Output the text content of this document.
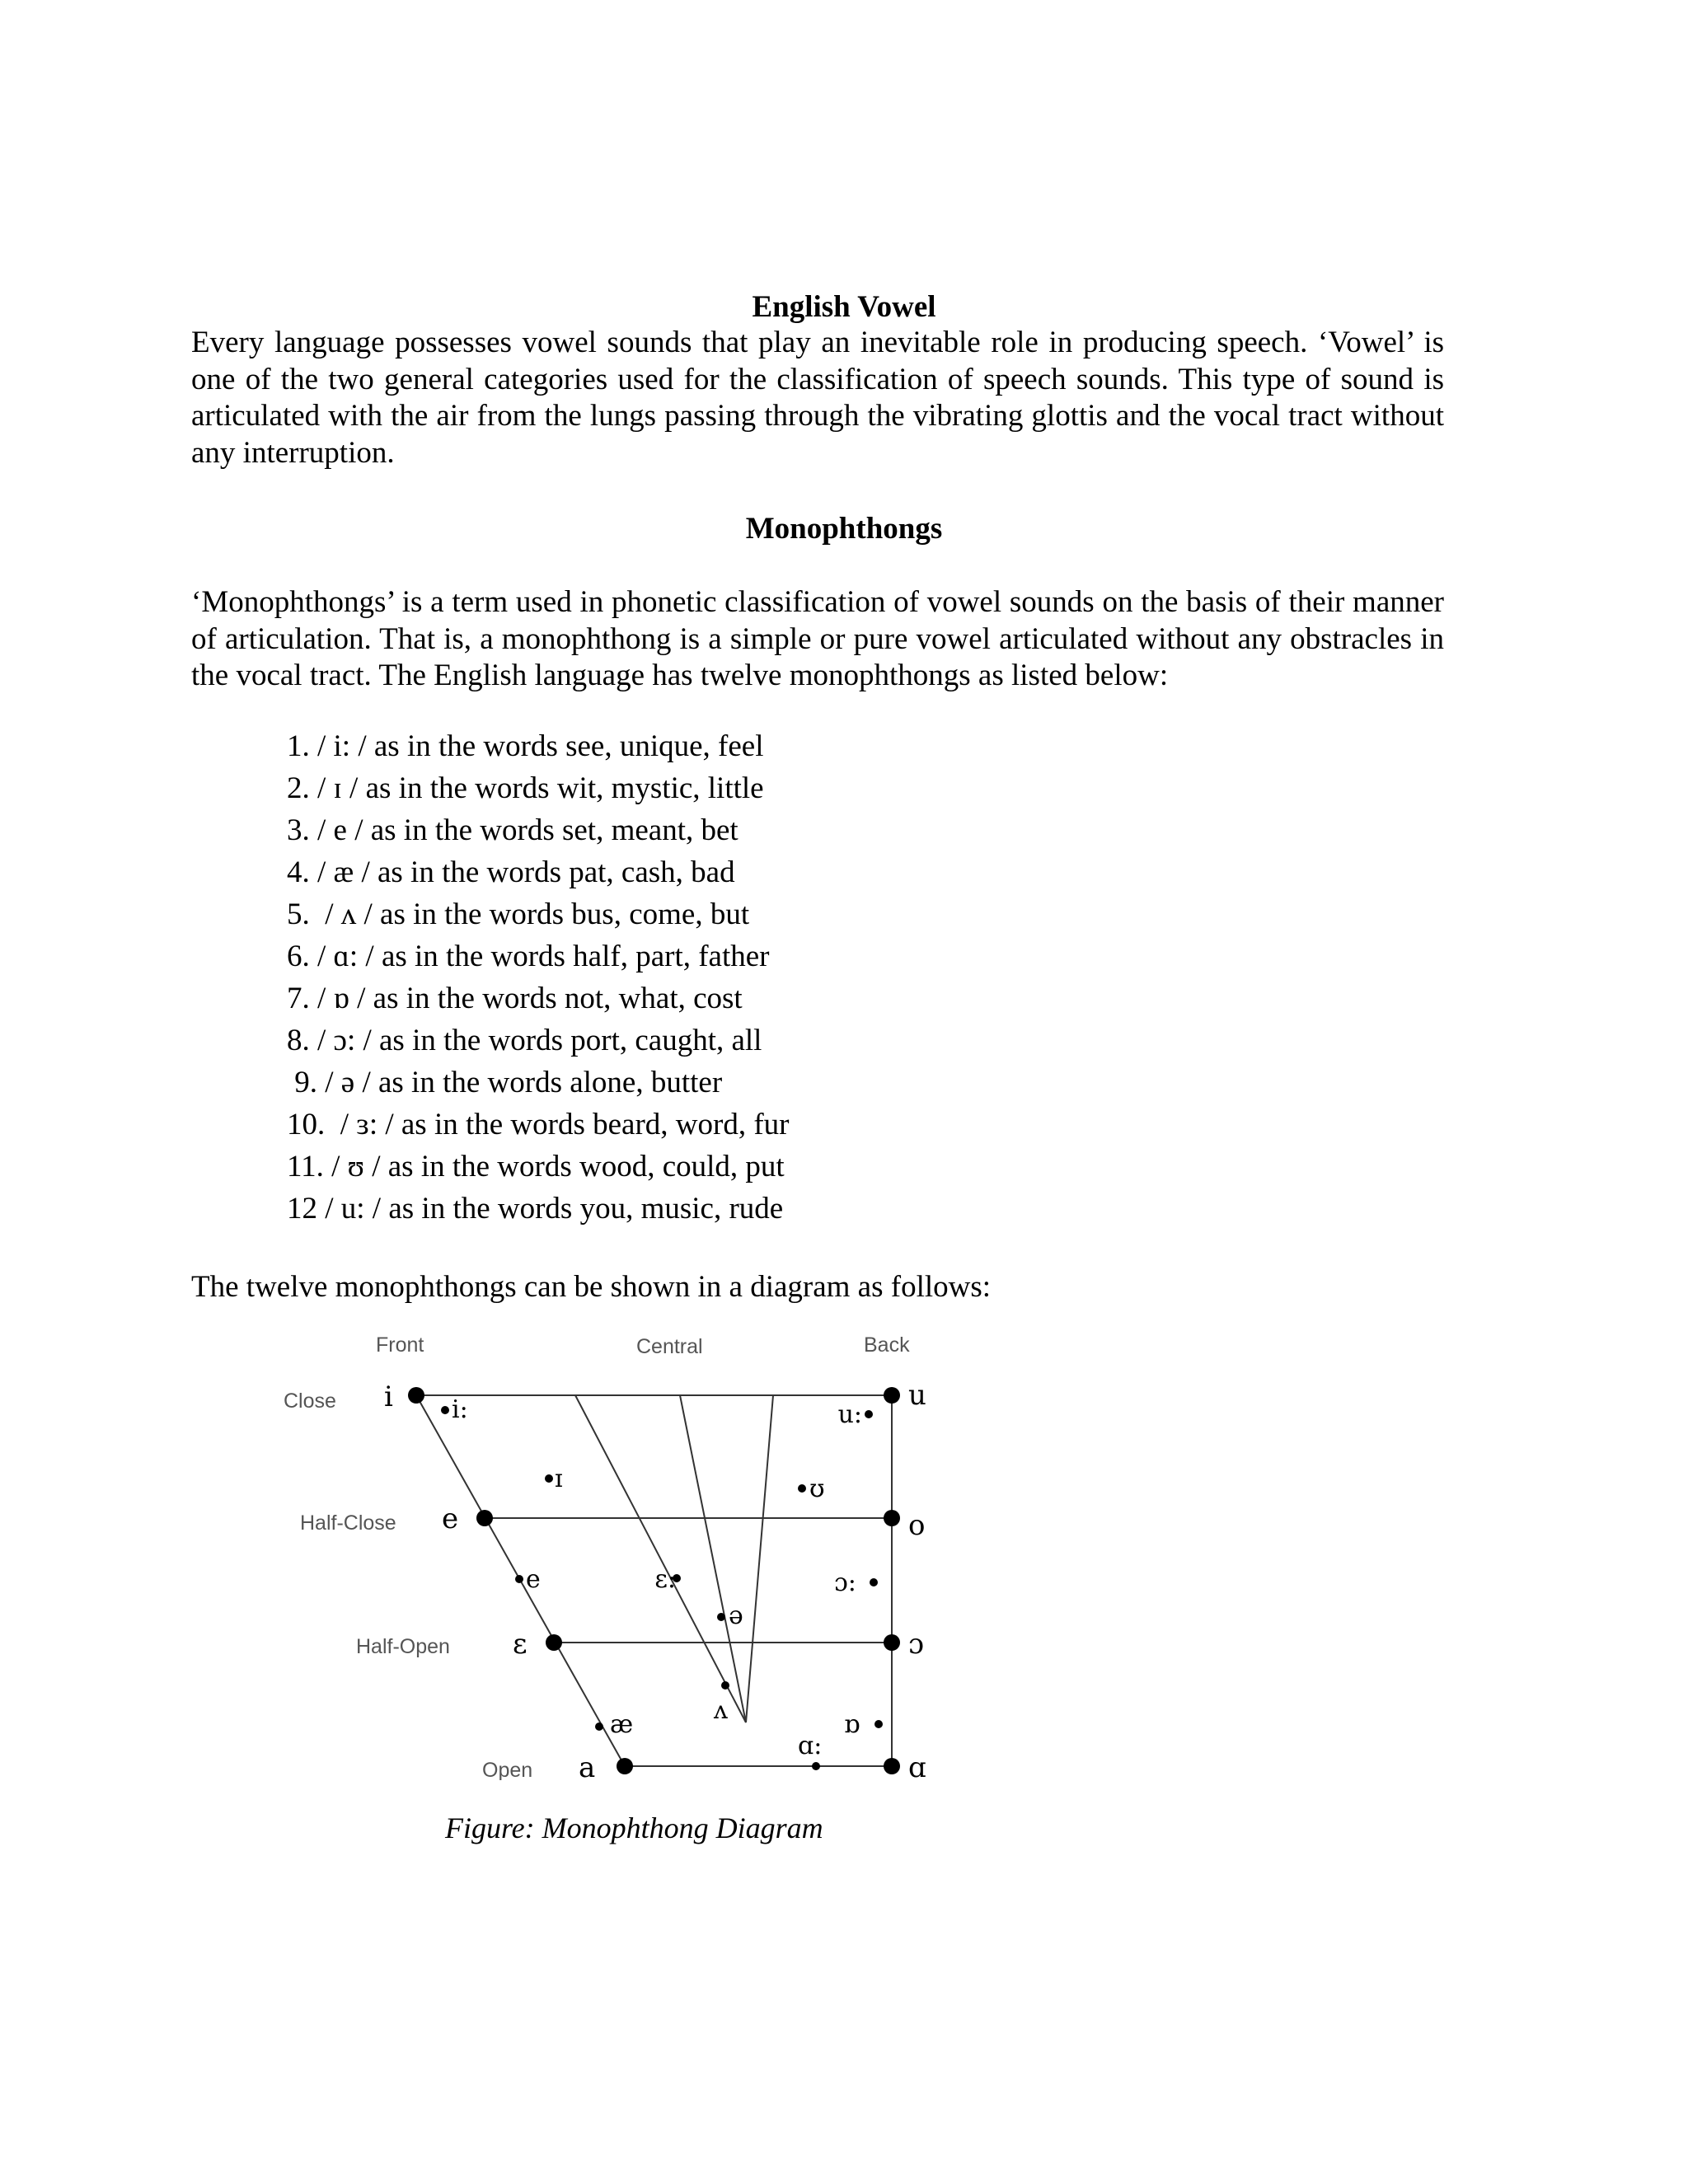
English Vowel

Every language possesses vowel sounds that play an inevitable role in producing speech. ‘Vowel’ is one of the two general categories used for the classification of speech sounds. This type of sound is articulated with the air from the lungs passing through the vibrating glottis and the vocal tract without any interruption.

Monophthongs

‘Monophthongs’ is a term used in phonetic classification of vowel sounds on the basis of their manner of articulation. That is, a monophthong is a simple or pure vowel articulated without any obstracles in the vocal tract. The English language has twelve monophthongs as listed below:

1. / i: / as in the words see, unique, feel
2. / ɪ / as in the words wit, mystic, little
3. / e / as in the words set, meant, bet
4. / æ / as in the words pat, cash, bad
5.  / ʌ / as in the words bus, come, but
6. / ɑ: / as in the words half, part, father
7. / ɒ / as in the words not, what, cost
8. / ɔ: / as in the words port, caught, all
9. / ə / as in the words alone, butter
10.  / ɜ: / as in the words beard, word, fur
11. / ʊ / as in the words wood, could, put
12 / u: / as in the words you, music, rude

The twelve monophthongs can be shown in a diagram as follows:

Front	Central	Back
Close
Half-Close
Half-Open
Open
i
e
ɛ
a
u
o
ɔ
ɑ
i:
ɪ
e
æ	ʌ
ɑ:
ɒ
ɔ:
ə
ɛ:
ʊ
u:

Figure: Monophthong Diagram
